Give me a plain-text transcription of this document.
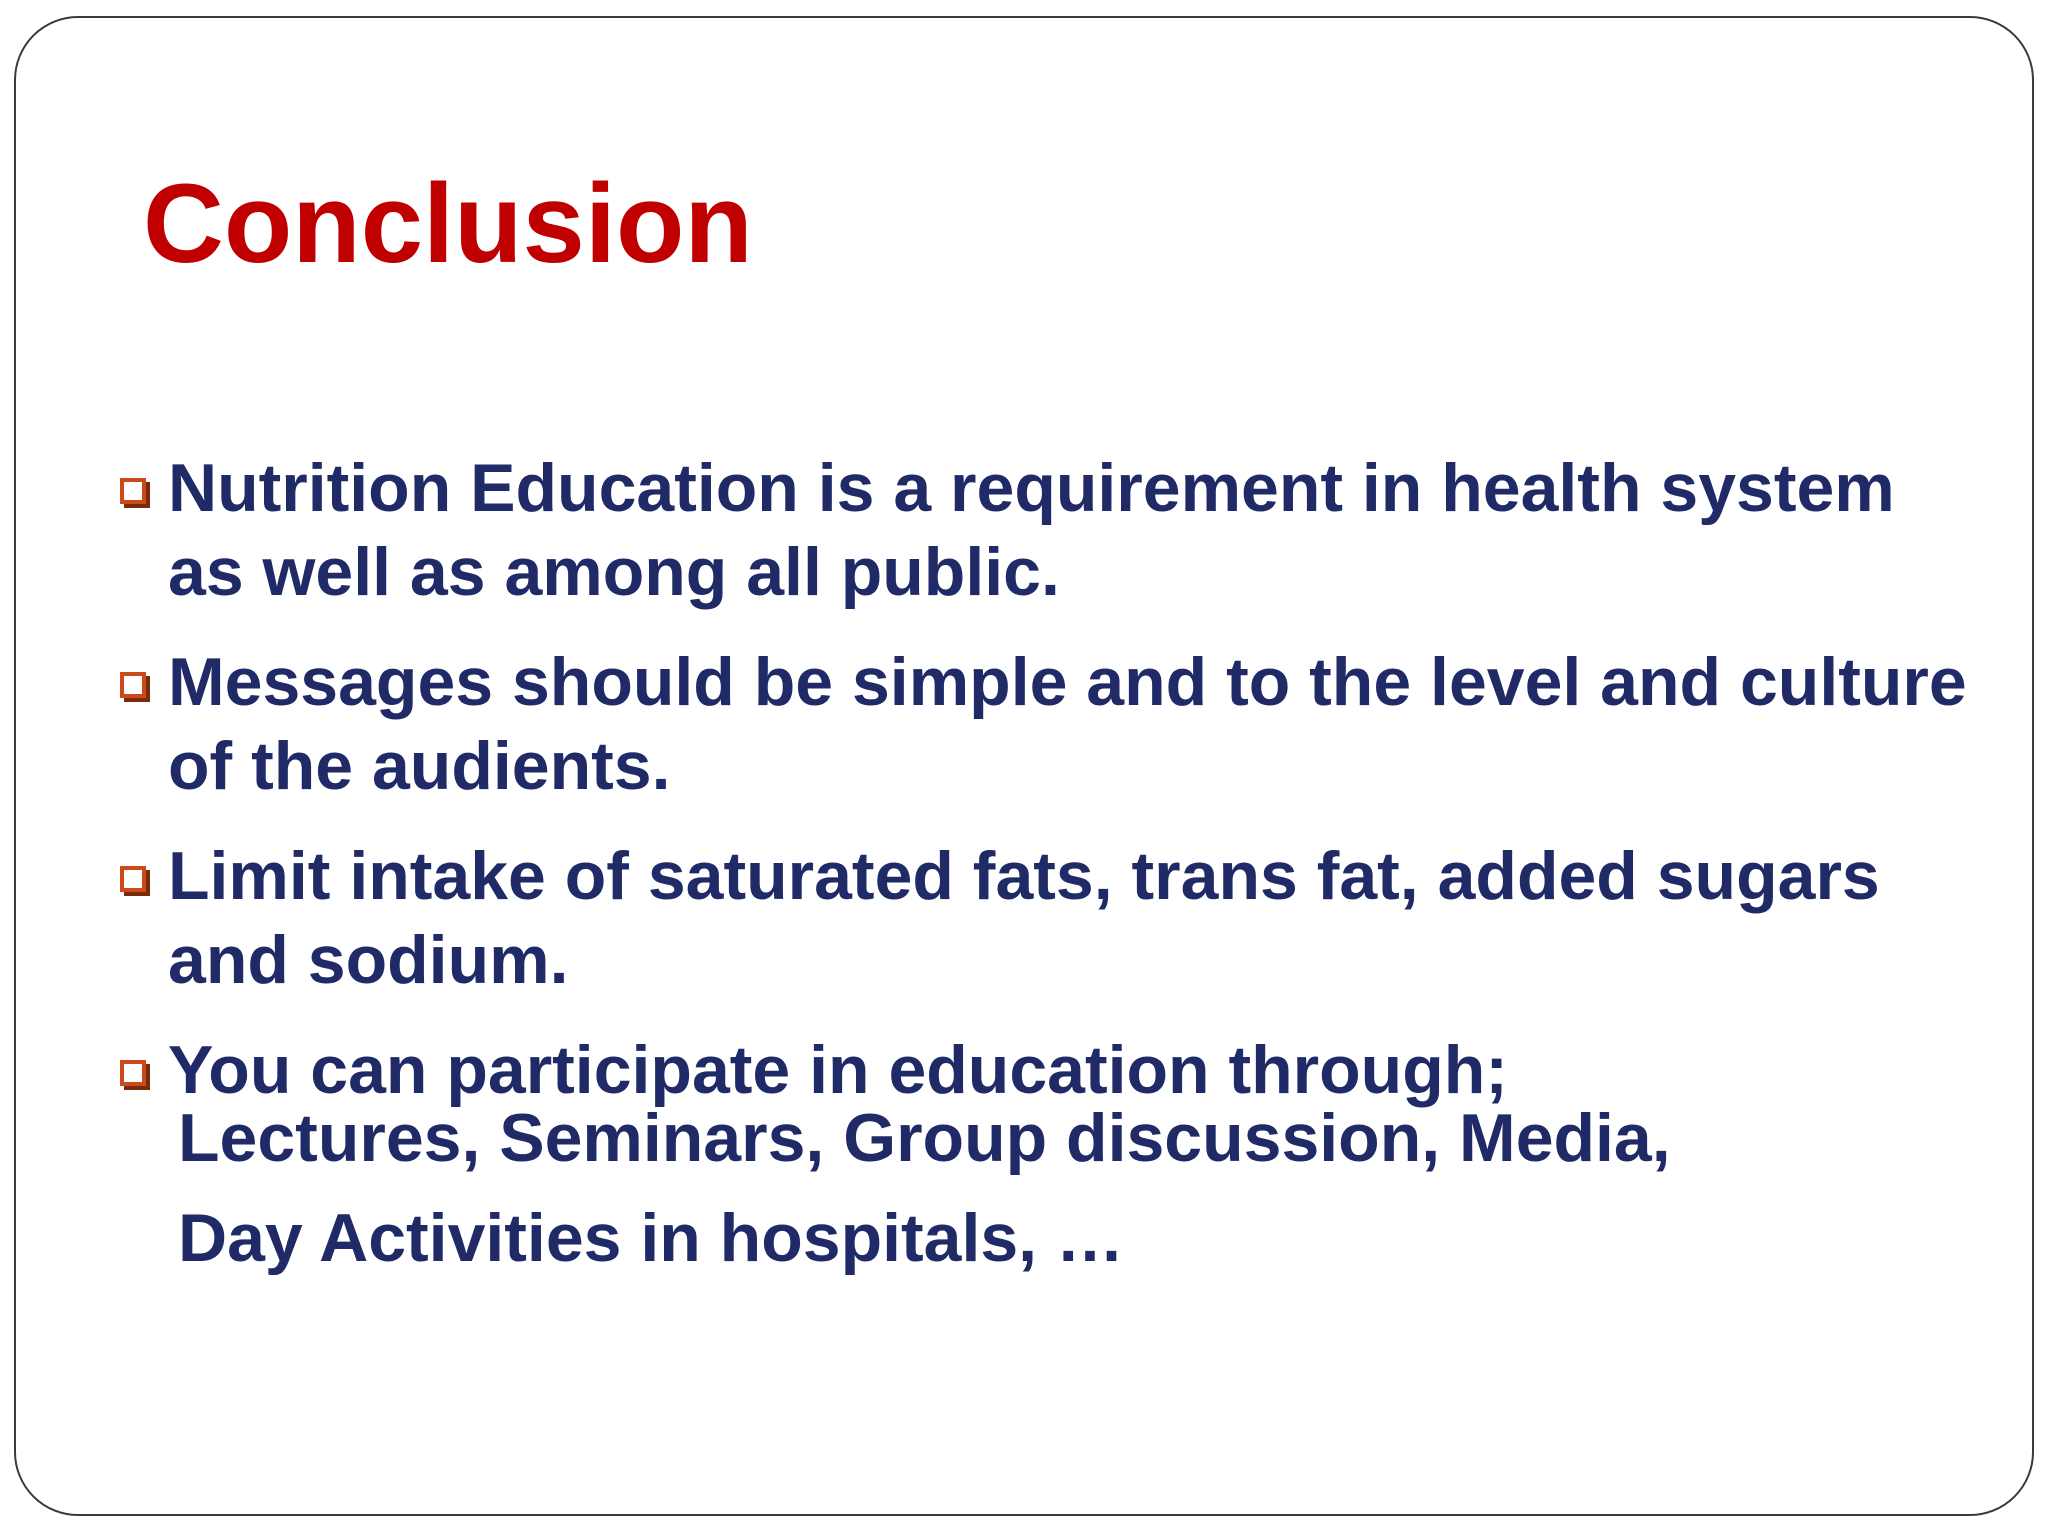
Conclusion
Nutrition Education is a requirement in health system as well as among all public.
Messages should be simple and to the level and culture of the audients.
Limit intake of saturated fats, trans fat, added sugars and sodium.
You can participate in education through;

Lectures, Seminars, Group discussion, Media,

Day Activities in hospitals, …
